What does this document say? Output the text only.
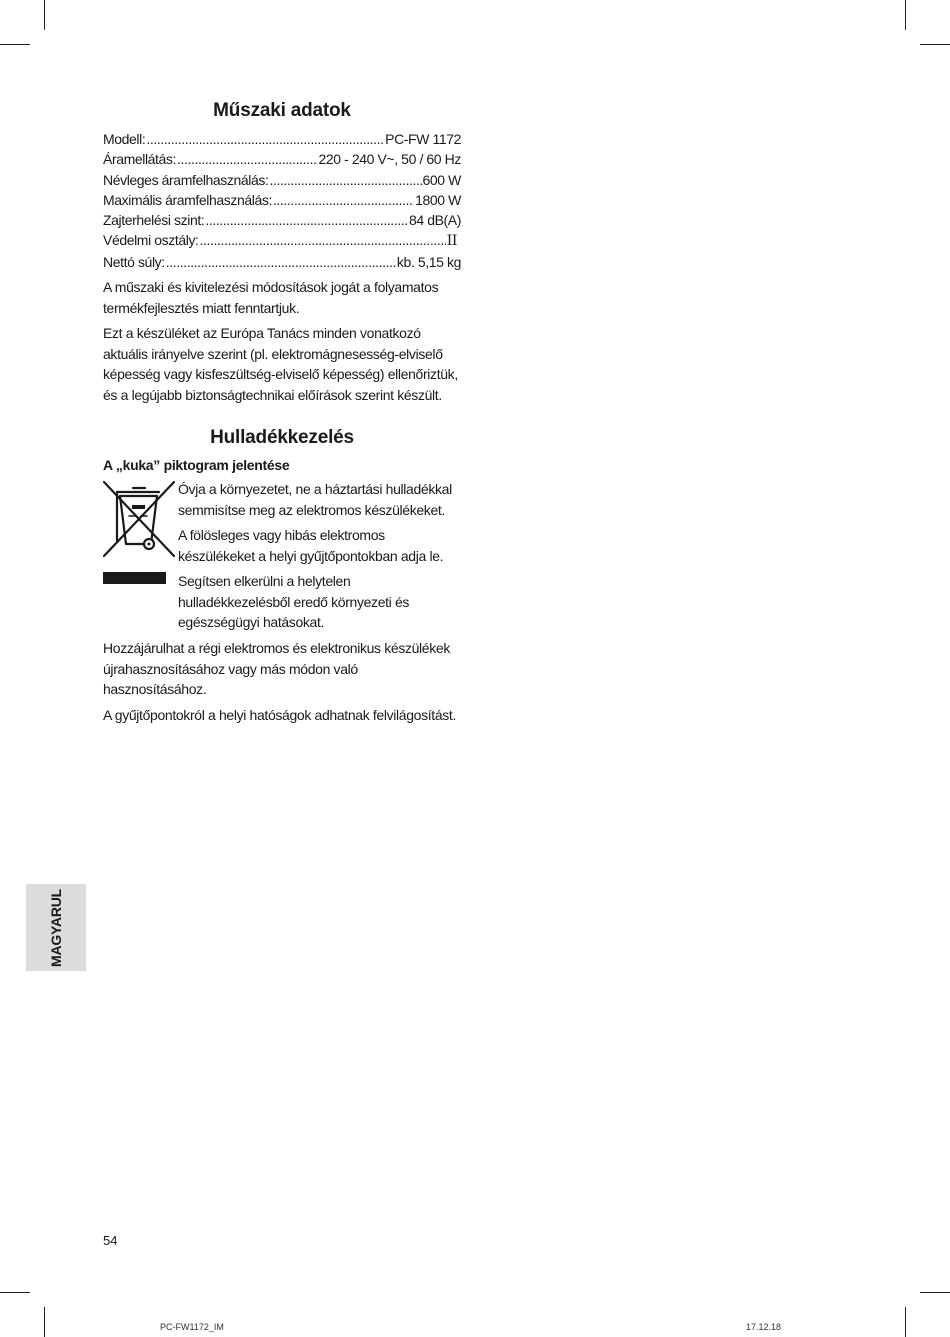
Műszaki adatok
Modell: .....	PC-FW 1172
Áramellátás: .....	220 - 240 V~, 50 / 60 Hz
Névleges áramfelhasználás: .....	600 W
Maximális áramfelhasználás: .....	1800 W
Zajterhelési szint: .....	84 dB(A)
Védelmi osztály: .....	II
Nettó súly: .....	kb. 5,15 kg

A műszaki és kivitelezési módosítások jogát a folyamatos termékfejlesztés miatt fenntartjuk.

Ezt a készüléket az Európa Tanács minden vonatkozó aktuális irányelve szerint (pl. elektromágnesesség-elviselő képesség vagy kisfeszültség-elviselő képesség) ellenőriztük, és a legújabb biztonságtechnikai előírások szerint készült.

Hulladékkezelés
A „kuka” piktogram jelentése

Óvja a környezetet, ne a háztartási hulladékkal semmisítse meg az elektromos készülékeket.

A fölösleges vagy hibás elektromos készülékeket a helyi gyűjtőpontokban adja le.

Segítsen elkerülni a helytelen hulladékkezelésből eredő környezeti és egészségügyi hatásokat.

Hozzájárulhat a régi elektromos és elektronikus készülékek újrahasznosításához vagy más módon való hasznosításához.

A gyűjtőpontokról a helyi hatóságok adhatnak felvilágosítást.

MAGYARUL
54
PC-FW1172_IM	17.12.18
